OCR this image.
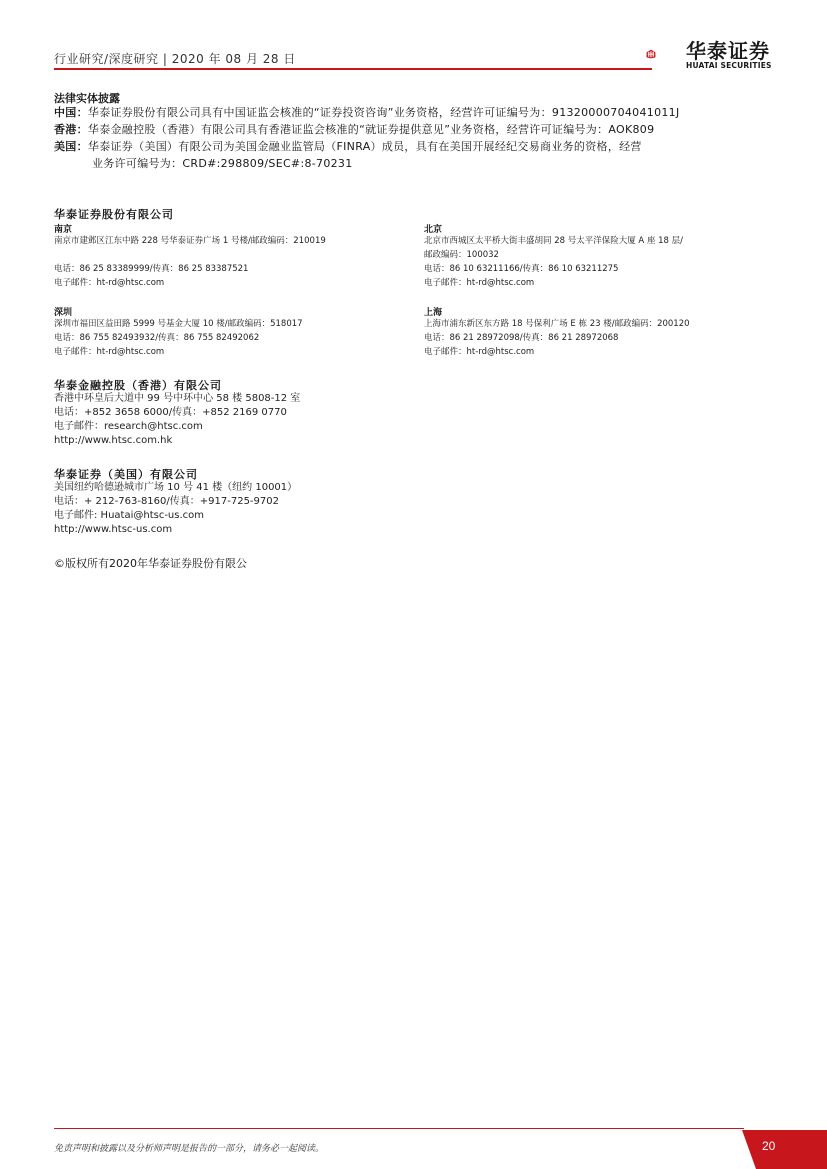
行业研究/深度研究 | 2020 年 08 月 28 日	华泰证券
HUATAI SECURITIES
法律实体披露
中国：华泰证券股份有限公司具有中国证监会核准的“证券投资咨询”业务资格，经营许可证编号为：91320000704041011J
香港：华泰金融控股（香港）有限公司具有香港证监会核准的“就证券提供意见”业务资格，经营许可证编号为：AOK809
美国：华泰证券（美国）有限公司为美国金融业监管局（FINRA）成员，具有在美国开展经纪交易商业务的资格，经营
业务许可编号为：CRD#:298809/SEC#:8-70231
华泰证券股份有限公司
南京
南京市建邺区江东中路 228 号华泰证券广场 1 号楼/邮政编码：210019
电话：86 25 83389999/传真：86 25 83387521
电子邮件：ht-rd@htsc.com
北京
北京市西城区太平桥大街丰盛胡同 28 号太平洋保险大厦 A 座 18 层/
邮政编码：100032
电话：86 10 63211166/传真：86 10 63211275
电子邮件：ht-rd@htsc.com
深圳
深圳市福田区益田路 5999 号基金大厦 10 楼/邮政编码：518017
电话：86 755 82493932/传真：86 755 82492062
电子邮件：ht-rd@htsc.com
上海
上海市浦东新区东方路 18 号保利广场 E 栋 23 楼/邮政编码：200120
电话：86 21 28972098/传真：86 21 28972068
电子邮件：ht-rd@htsc.com
华泰金融控股（香港）有限公司
香港中环皇后大道中 99 号中环中心 58 楼 5808-12 室
电话：+852 3658 6000/传真：+852 2169 0770
电子邮件：research@htsc.com
http://www.htsc.com.hk
华泰证券（美国）有限公司
美国纽约哈德逊城市广场 10 号 41 楼（纽约 10001）
电话：+ 212-763-8160/传真：+917-725-9702
电子邮件: Huatai@htsc-us.com
http://www.htsc-us.com
©版权所有2020年华泰证券股份有限公
免责声明和披露以及分析师声明是报告的一部分，请务必一起阅读。	20
